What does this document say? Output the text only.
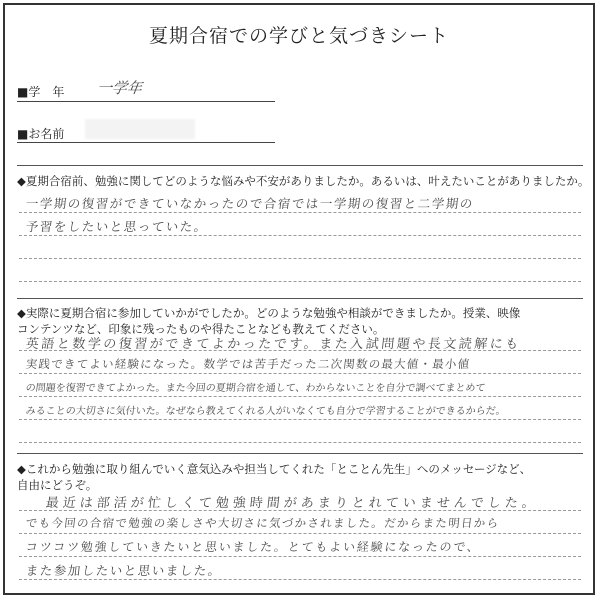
夏期合宿での学びと気づきシート
■学　年 一学年
■お名前
◆夏期合宿前、勉強に関してどのような悩みや不安がありましたか。あるいは、叶えたいことがありましたか。
一学期の復習ができていなかったので合宿では一学期の復習と二学期の
予習をしたいと思っていた。
◆実際に夏期合宿に参加していかがでしたか。どのような勉強や相談ができましたか。授業、映像
コンテンツなど、印象に残ったものや得たことなども教えてください。
英語と数学の復習ができてよかったです。また入試問題や長文読解にも
実践できてよい経験になった。数学では苦手だった二次関数の最大値・最小値
の問題を復習できてよかった。また今回の夏期合宿を通して、わからないことを自分で調べてまとめて
みることの大切さに気付いた。なぜなら教えてくれる人がいなくても自分で学習することができるからだ。
◆これから勉強に取り組んでいく意気込みや担当してくれた「とことん先生」へのメッセージなど、
自由にどうぞ。
最近は部活が忙しくて勉強時間があまりとれていませんでした。
でも今回の合宿で勉強の楽しさや大切さに気づかされました。だからまた明日から
コツコツ勉強していきたいと思いました。とてもよい経験になったので、
また参加したいと思いました。
